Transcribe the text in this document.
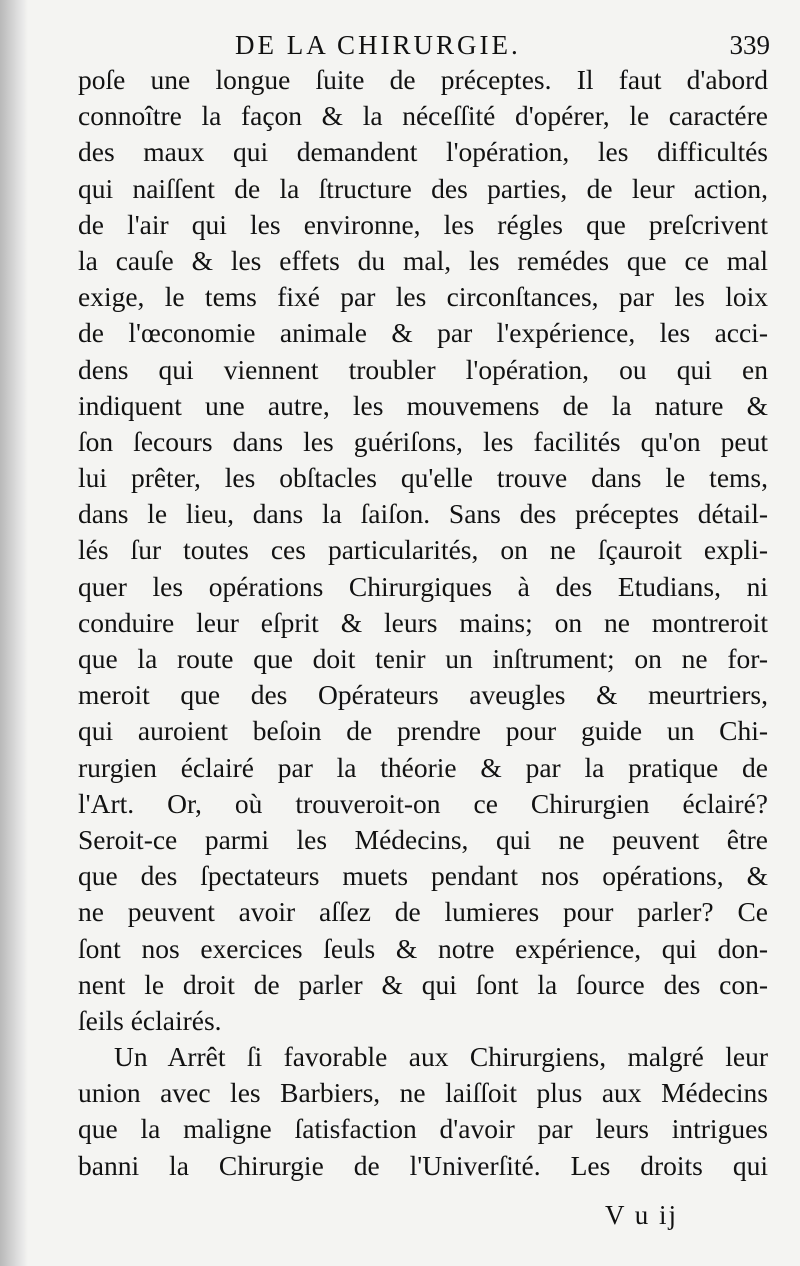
DE LA CHIRURGIE.	339
poſe une longue ſuite de préceptes. Il faut d'abord
connoître la façon & la néceſſité d'opérer, le caractére
des maux qui demandent l'opération, les difficultés
qui naiſſent de la ſtructure des parties, de leur action,
de l'air qui les environne, les régles que preſcrivent
la cauſe & les effets du mal, les remédes que ce mal
exige, le tems fixé par les circonſtances, par les loix
de l'œconomie animale & par l'expérience, les acci-
dens qui viennent troubler l'opération, ou qui en
indiquent une autre, les mouvemens de la nature &
ſon ſecours dans les guériſons, les facilités qu'on peut
lui prêter, les obſtacles qu'elle trouve dans le tems,
dans le lieu, dans la ſaiſon. Sans des préceptes détail-
lés ſur toutes ces particularités, on ne ſçauroit expli-
quer les opérations Chirurgiques à des Etudians, ni
conduire leur eſprit & leurs mains; on ne montreroit
que la route que doit tenir un inſtrument; on ne for-
meroit que des Opérateurs aveugles & meurtriers,
qui auroient beſoin de prendre pour guide un Chi-
rurgien éclairé par la théorie & par la pratique de
l'Art. Or, où trouveroit-on ce Chirurgien éclairé?
Seroit-ce parmi les Médecins, qui ne peuvent être
que des ſpectateurs muets pendant nos opérations, &
ne peuvent avoir aſſez de lumieres pour parler? Ce
ſont nos exercices ſeuls & notre expérience, qui don-
nent le droit de parler & qui ſont la ſource des con-
ſeils éclairés.
Un Arrêt ſi favorable aux Chirurgiens, malgré leur
union avec les Barbiers, ne laiſſoit plus aux Médecins
que la maligne ſatisfaction d'avoir par leurs intrigues
banni la Chirurgie de l'Univerſité. Les droits qui
V u ij
